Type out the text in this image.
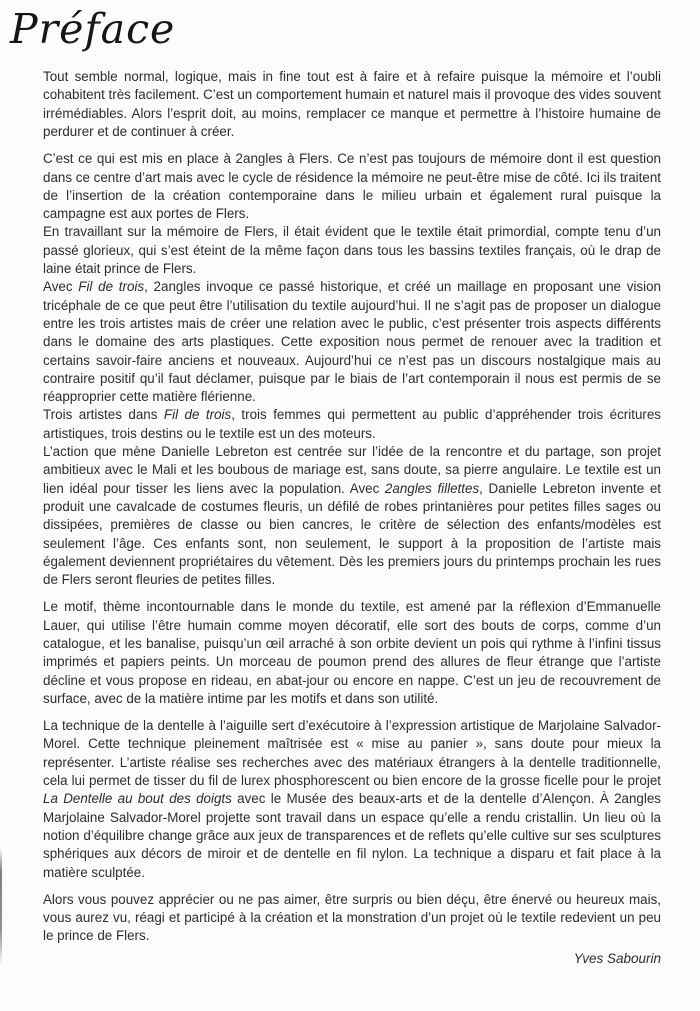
Préface

Tout semble normal, logique, mais in fine tout est à faire et à refaire puisque la mémoire et l’oubli cohabitent très facilement. C’est un comportement humain et naturel mais il provoque des vides souvent irrémédiables. Alors l’esprit doit, au moins, remplacer ce manque et permettre à l’histoire humaine de perdurer et de continuer à créer.

C’est ce qui est mis en place à 2angles à Flers. Ce n’est pas toujours de mémoire dont il est question dans ce centre d’art mais avec le cycle de résidence la mémoire ne peut-être mise de côté. Ici ils traitent de l’insertion de la création contemporaine dans le milieu urbain et également rural puisque la campagne est aux portes de Flers.

En travaillant sur la mémoire de Flers, il était évident que le textile était primordial, compte tenu d’un passé glorieux, qui s’est éteint de la même façon dans tous les bassins textiles français, où le drap de laine était prince de Flers.

Avec Fil de trois, 2angles invoque ce passé historique, et créé un maillage en proposant une vision tricéphale de ce que peut être l’utilisation du textile aujourd’hui. Il ne s’agit pas de proposer un dialogue entre les trois artistes mais de créer une relation avec le public, c’est présenter trois aspects différents dans le domaine des arts plastiques. Cette exposition nous permet de renouer avec la tradition et certains savoir-faire anciens et nouveaux. Aujourd’hui ce n’est pas un discours nostalgique mais au contraire positif qu’il faut déclamer, puisque par le biais de l’art contemporain il nous est permis de se réapproprier cette matière flérienne.

Trois artistes dans Fil de trois, trois femmes qui permettent au public d’appréhender trois écritures artistiques, trois destins ou le textile est un des moteurs.

L’action que mène Danielle Lebreton est centrée sur l’idée de la rencontre et du partage, son projet ambitieux avec le Mali et les boubous de mariage est, sans doute, sa pierre angulaire. Le textile est un lien idéal pour tisser les liens avec la population. Avec 2angles fillettes, Danielle Lebreton invente et produit une cavalcade de costumes fleuris, un défilé de robes printanières pour petites filles sages ou dissipées, premières de classe ou bien cancres, le critère de sélection des enfants/modèles est seulement l’âge. Ces enfants sont, non seulement, le support à la proposition de l’artiste mais également deviennent propriétaires du vêtement. Dès les premiers jours du printemps prochain les rues de Flers seront fleuries de petites filles.

Le motif, thème incontournable dans le monde du textile, est amené par la réflexion d’Emmanuelle Lauer, qui utilise l’être humain comme moyen décoratif, elle sort des bouts de corps, comme d’un catalogue, et les banalise, puisqu’un œil arraché à son orbite devient un pois qui rythme à l’infini tissus imprimés et papiers peints. Un morceau de poumon prend des allures de fleur étrange que l’artiste décline et vous propose en rideau, en abat-jour ou encore en nappe. C’est un jeu de recouvrement de surface, avec de la matière intime par les motifs et dans son utilité.

La technique de la dentelle à l’aiguille sert d’exécutoire à l’expression artistique de Marjolaine Salvador-Morel. Cette technique pleinement maîtrisée est « mise au panier », sans doute pour mieux la représenter. L’artiste réalise ses recherches avec des matériaux étrangers à la dentelle traditionnelle, cela lui permet de tisser du fil de lurex phosphorescent ou bien encore de la grosse ficelle pour le projet La Dentelle au bout des doigts avec le Musée des beaux-arts et de la dentelle d’Alençon. À 2angles Marjolaine Salvador-Morel projette sont travail dans un espace qu’elle a rendu cristallin. Un lieu où la notion d’équilibre change grâce aux jeux de transparences et de reflets qu’elle cultive sur ses sculptures sphériques aux décors de miroir et de dentelle en fil nylon. La technique a disparu et fait place à la matière sculptée.

Alors vous pouvez apprécier ou ne pas aimer, être surpris ou bien déçu, être énervé ou heureux mais, vous aurez vu, réagi et participé à la création et la monstration d’un projet où le textile redevient un peu le prince de Flers.

Yves Sabourin
